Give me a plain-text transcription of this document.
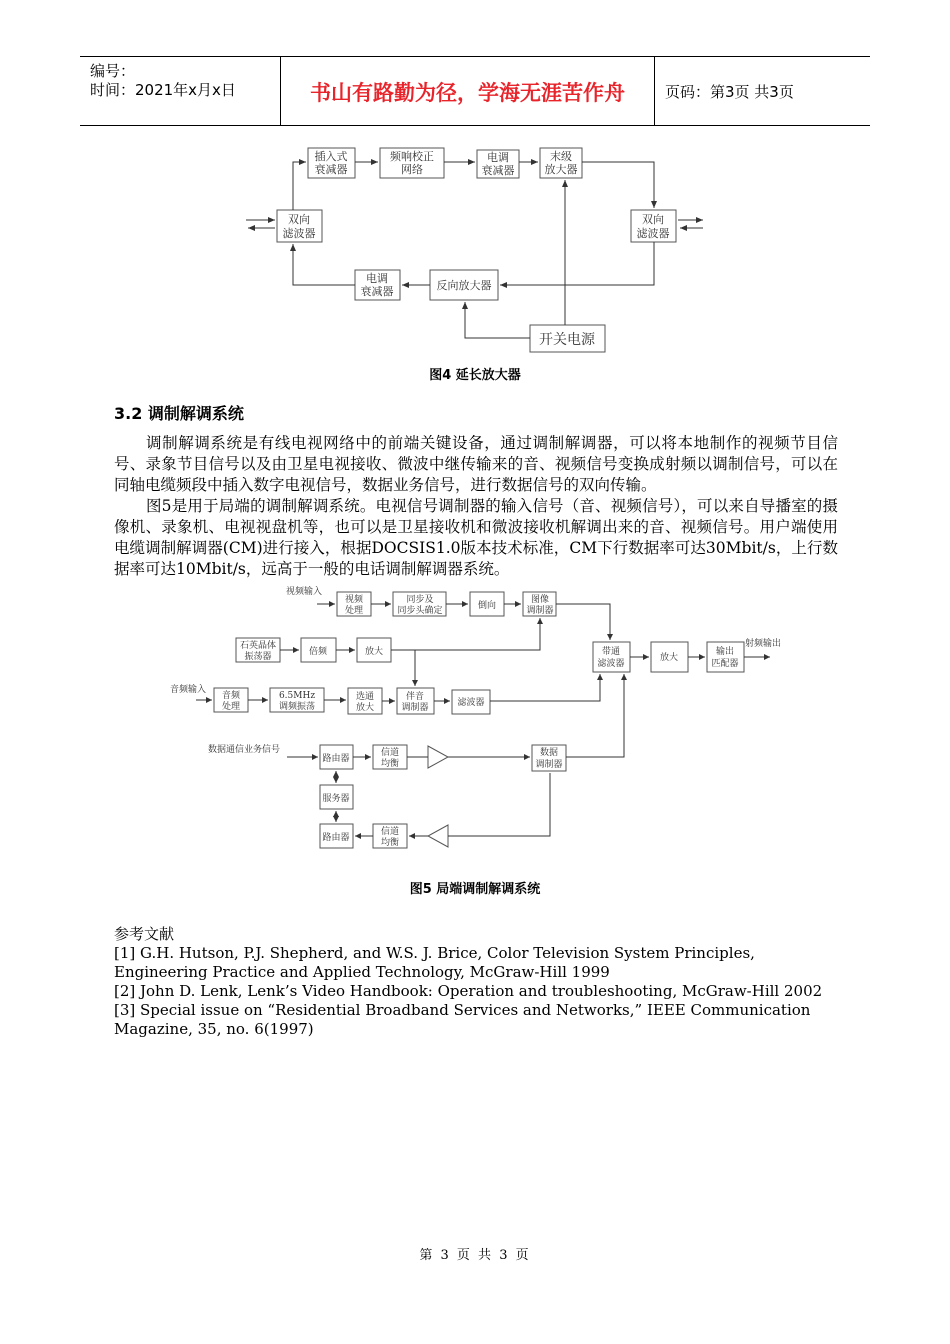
编号：
时间：2021年x月x日	书山有路勤为径，学海无涯苦作舟	页码：第3页 共3页
插入式
衰减器
频响校正
网络
电调
衰减器
末级
放大器
双向
滤波器
双向
滤波器
电调
衰减器	反向放大器
开关电源
图4 延长放大器
3.2 调制解调系统

调制解调系统是有线电视网络中的前端关键设备，通过调制解调器，可以将本地制作的视频节目信号、录象节目信号以及由卫星电视接收、微波中继传输来的音、视频信号变换成射频以调制信号，可以在同轴电缆频段中插入数字电视信号，数据业务信号，进行数据信号的双向传输。

图5是用于局端的调制解调系统。电视信号调制器的输入信号（音、视频信号），可以来自导播室的摄像机、录象机、电视视盘机等，也可以是卫星接收机和微波接收机解调出来的音、视频信号。用户端使用电缆调制解调器(CM)进行接入，根据DOCSIS1.0版本技术标准，CM下行数据率可达30Mbit/s，上行数据率可达10Mbit/s，远高于一般的电话调制解调器系统。

视频输入
音频输入
数据通信业务信号
射频输出
视频
处理
同步及
同步头确定	倒向
图像
调制器
石英晶体
振荡器	倍频	放大	带通
滤波器
放大
输出
匹配器
音频
处理
6.5MHz
调频振荡
选通
放大
伴音
调制器	滤波器
路由器
信道
均衡
数据
调制器
服务器
路由器
信道
均衡
图5 局端调制解调系统
参考文献
[1] G.H. Hutson, P.J. Shepherd, and W.S. J. Brice, Color Television System Principles, Engineering Practice and Applied Technology, McGraw-Hill 1999
[2] John D. Lenk, Lenk’s Video Handbook: Operation and troubleshooting, McGraw-Hill 2002
[3] Special issue on “Residential Broadband Services and Networks,” IEEE Communication Magazine, 35, no. 6(1997)
第 3 页 共 3 页
